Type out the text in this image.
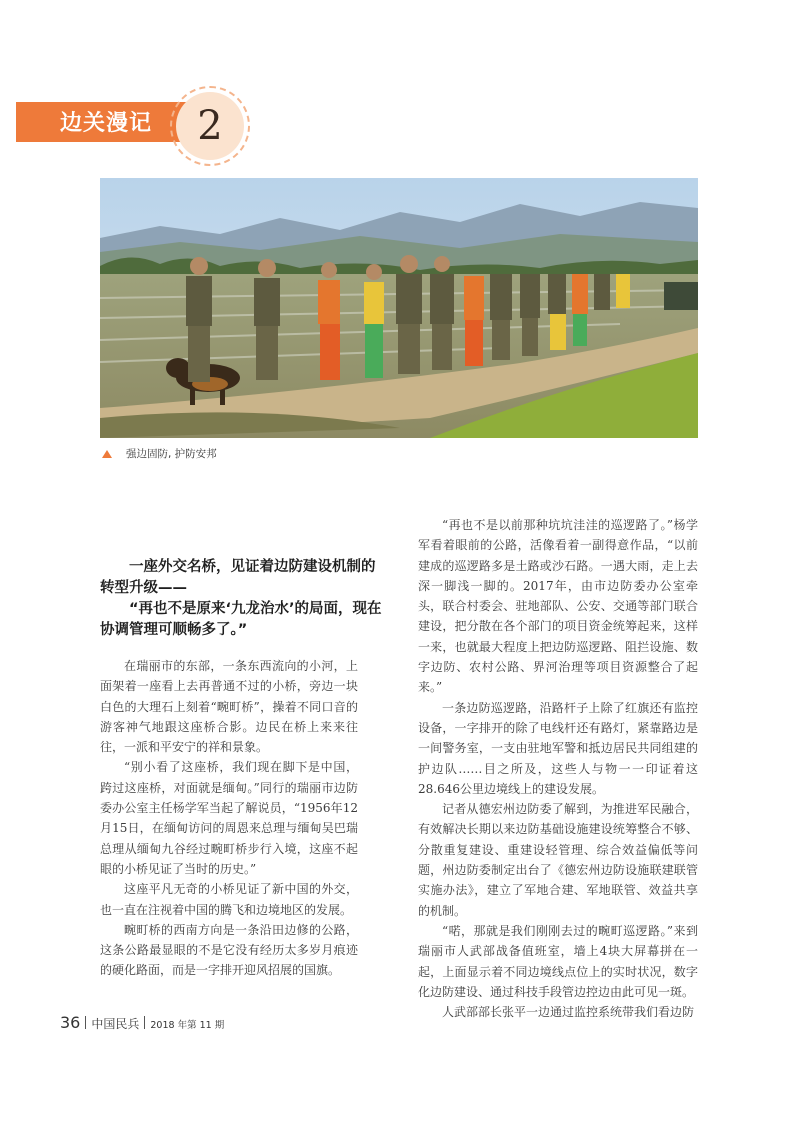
边关漫记	2
强边固防, 护防安邦

一座外交名桥，见证着边防建设机制的转型升级——

“再也不是原来‘九龙治水’的局面，现在协调管理可顺畅多了。”

在瑞丽市的东部，一条东西流向的小河，上面架着一座看上去再普通不过的小桥，旁边一块白色的大理石上刻着“畹町桥”，操着不同口音的游客神气地跟这座桥合影。边民在桥上来来往往，一派和平安宁的祥和景象。

“别小看了这座桥，我们现在脚下是中国，跨过这座桥，对面就是缅甸。”同行的瑞丽市边防委办公室主任杨学军当起了解说员，“1956年12月15日，在缅甸访问的周恩来总理与缅甸吴巴瑞总理从缅甸九谷经过畹町桥步行入境，这座不起眼的小桥见证了当时的历史。”

这座平凡无奇的小桥见证了新中国的外交，也一直在注视着中国的腾飞和边境地区的发展。

畹町桥的西南方向是一条沿田边修的公路，这条公路最显眼的不是它没有经历太多岁月痕迹的硬化路面，而是一字排开迎风招展的国旗。

“再也不是以前那种坑坑洼洼的巡逻路了。”杨学军看着眼前的公路，活像看着一副得意作品，“以前建成的巡逻路多是土路或沙石路。一遇大雨，走上去深一脚浅一脚的。2017年，由市边防委办公室牵头，联合村委会、驻地部队、公安、交通等部门联合建设，把分散在各个部门的项目资金统筹起来，这样一来，也就最大程度上把边防巡逻路、阻拦设施、数字边防、农村公路、界河治理等项目资源整合了起来。”

一条边防巡逻路，沿路杆子上除了红旗还有监控设备，一字排开的除了电线杆还有路灯，紧靠路边是一间警务室，一支由驻地军警和抵边居民共同组建的护边队……目之所及，这些人与物一一印证着这28.646公里边境线上的建设发展。

记者从德宏州边防委了解到，为推进军民融合，有效解决长期以来边防基础设施建设统筹整合不够、分散重复建设、重建设轻管理、综合效益偏低等问题，州边防委制定出台了《德宏州边防设施联建联管实施办法》，建立了军地合建、军地联管、效益共享的机制。

“喏，那就是我们刚刚去过的畹町巡逻路。”来到瑞丽市人武部战备值班室，墙上4块大屏幕拼在一起，上面显示着不同边境线点位上的实时状况，数字化边防建设、通过科技手段管边控边由此可见一斑。

人武部部长张平一边通过监控系统带我们看边防

36 中国民兵 2018 年第 11 期
